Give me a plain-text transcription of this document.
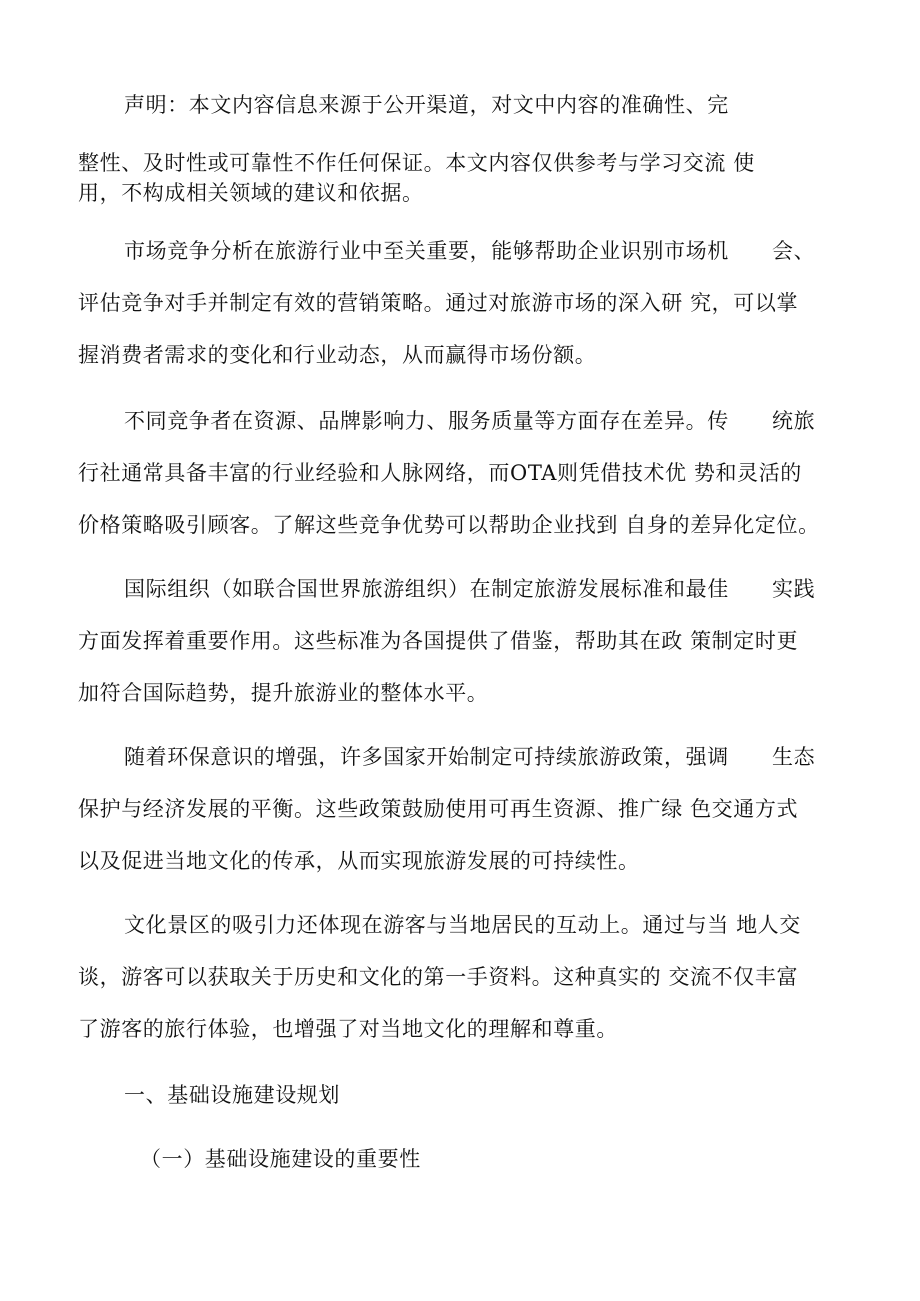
声明：本文内容信息来源于公开渠道，对文中内容的准确性、完
整性、及时性或可靠性不作任何保证。本文内容仅供参考与学习交流 使
用，不构成相关领域的建议和依据。
市场竞争分析在旅游行业中至关重要，能够帮助企业识别市场机　　会、
评估竞争对手并制定有效的营销策略。通过对旅游市场的深入研 究，可以掌
握消费者需求的变化和行业动态，从而赢得市场份额。
不同竞争者在资源、品牌影响力、服务质量等方面存在差异。传　　统旅
行社通常具备丰富的行业经验和人脉网络，而OTA则凭借技术优 势和灵活的
价格策略吸引顾客。了解这些竞争优势可以帮助企业找到 自身的差异化定位。
国际组织（如联合国世界旅游组织）在制定旅游发展标准和最佳　　实践
方面发挥着重要作用。这些标准为各国提供了借鉴，帮助其在政 策制定时更
加符合国际趋势，提升旅游业的整体水平。
随着环保意识的增强，许多国家开始制定可持续旅游政策，强调　　生态
保护与经济发展的平衡。这些政策鼓励使用可再生资源、推广绿 色交通方式
以及促进当地文化的传承，从而实现旅游发展的可持续性。
文化景区的吸引力还体现在游客与当地居民的互动上。通过与当 地人交
谈，游客可以获取关于历史和文化的第一手资料。这种真实的 交流不仅丰富
了游客的旅行体验，也增强了对当地文化的理解和尊重。
一、基础设施建设规划
（一）基础设施建设的重要性
